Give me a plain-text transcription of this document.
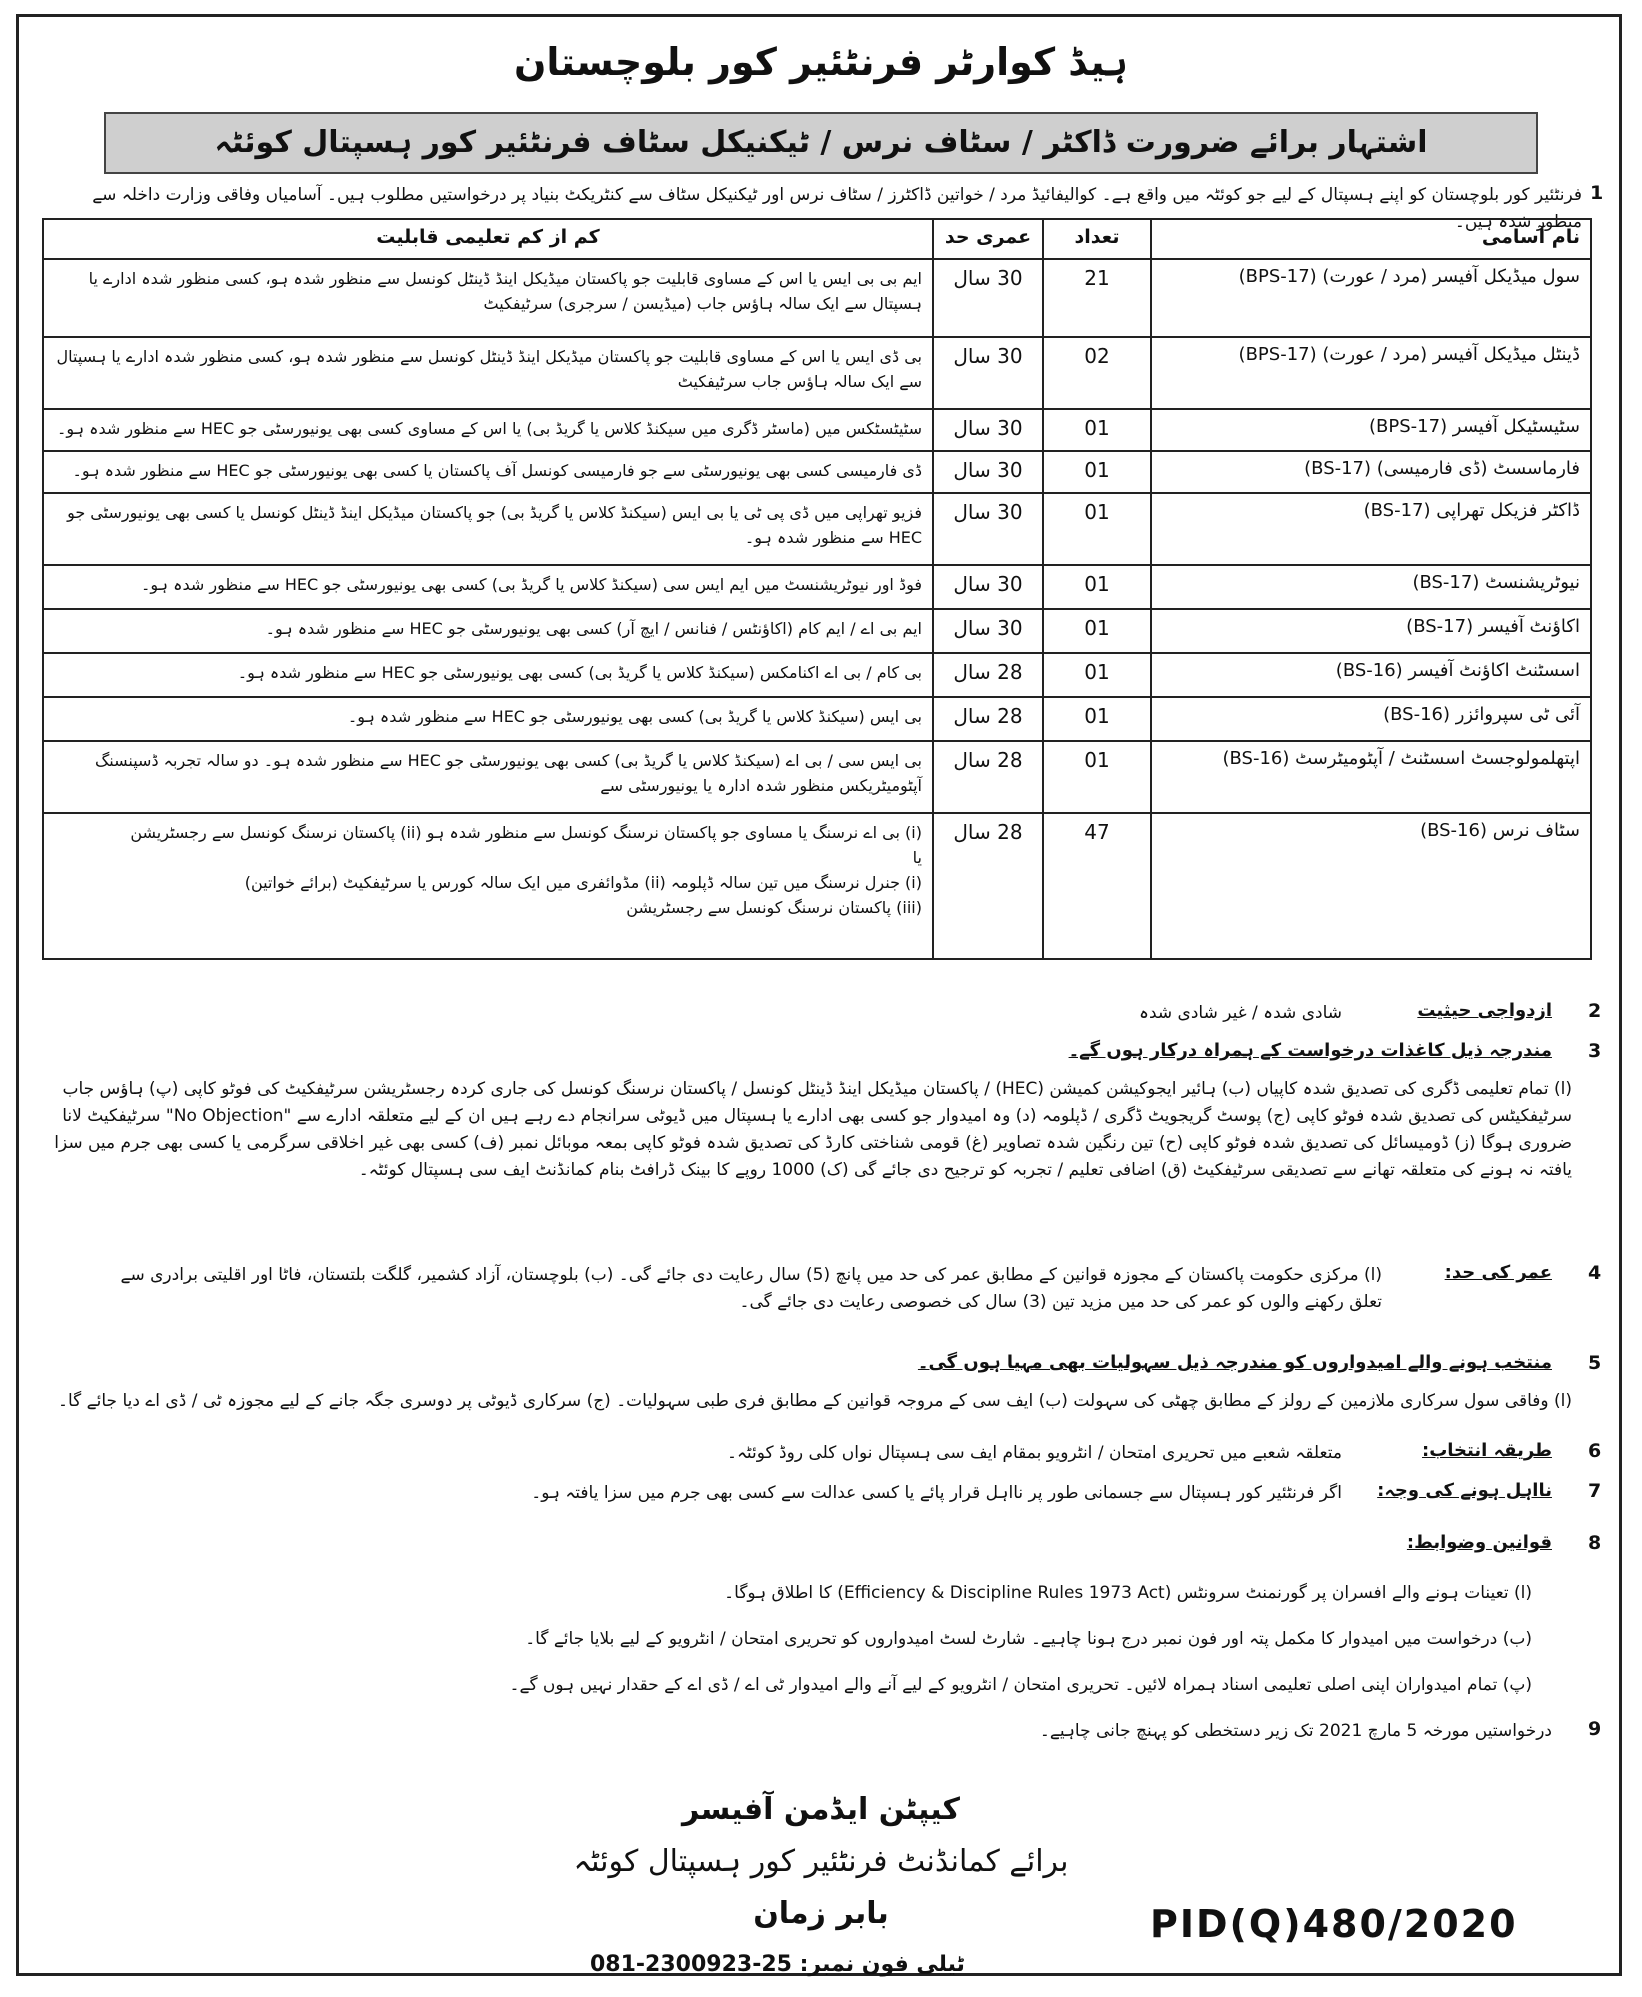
ہیڈ کوارٹر فرنٹئیر کور بلوچستان
اشتہار برائے ضرورت ڈاکٹر / سٹاف نرس / ٹیکنیکل سٹاف فرنٹئیر کور ہسپتال کوئٹہ
1
فرنٹئیر کور بلوچستان کو اپنے ہسپتال کے لیے جو کوئٹہ میں واقع ہے۔ کوالیفائیڈ مرد / خواتین ڈاکٹرز / سٹاف نرس اور ٹیکنیکل سٹاف سے کنٹریکٹ بنیاد پر درخواستیں مطلوب ہیں۔ آسامیاں وفاقی وزارت داخلہ سے منظور شدہ ہیں۔
نام آسامی	تعداد	عمری حد	کم از کم تعلیمی قابلیت
سول میڈیکل آفیسر (مرد / عورت) (BPS-17)	21	30 سال	ایم بی بی ایس یا اس کے مساوی قابلیت جو پاکستان میڈیکل اینڈ ڈینٹل کونسل سے منظور شدہ ہو، کسی منظور شدہ ادارے یا ہسپتال سے ایک سالہ ہاؤس جاب (میڈیسن / سرجری) سرٹیفکیٹ
ڈینٹل میڈیکل آفیسر (مرد / عورت) (BPS-17)	02	30 سال	بی ڈی ایس یا اس کے مساوی قابلیت جو پاکستان میڈیکل اینڈ ڈینٹل کونسل سے منظور شدہ ہو، کسی منظور شدہ ادارے یا ہسپتال سے ایک سالہ ہاؤس جاب سرٹیفکیٹ
سٹیسٹیکل آفیسر (BPS-17)	01	30 سال	سٹیٹسٹکس میں (ماسٹر ڈگری میں سیکنڈ کلاس یا گریڈ بی) یا اس کے مساوی کسی بھی یونیورسٹی جو HEC سے منظور شدہ ہو۔
فارماسسٹ (ڈی فارمیسی) (BS-17)	01	30 سال	ڈی فارمیسی کسی بھی یونیورسٹی سے جو فارمیسی کونسل آف پاکستان یا کسی بھی یونیورسٹی جو HEC سے منظور شدہ ہو۔
ڈاکٹر فزیکل تھراپی (BS-17)	01	30 سال	فزیو تھراپی میں ڈی پی ٹی یا بی ایس (سیکنڈ کلاس یا گریڈ بی) جو پاکستان میڈیکل اینڈ ڈینٹل کونسل یا کسی بھی یونیورسٹی جو HEC سے منظور شدہ ہو۔
نیوٹریشنسٹ (BS-17)	01	30 سال	فوڈ اور نیوٹریشنسٹ میں ایم ایس سی (سیکنڈ کلاس یا گریڈ بی) کسی بھی یونیورسٹی جو HEC سے منظور شدہ ہو۔
اکاؤنٹ آفیسر (BS-17)	01	30 سال	ایم بی اے / ایم کام (اکاؤنٹس / فنانس / ایچ آر) کسی بھی یونیورسٹی جو HEC سے منظور شدہ ہو۔
اسسٹنٹ اکاؤنٹ آفیسر (BS-16)	01	28 سال	بی کام / بی اے اکنامکس (سیکنڈ کلاس یا گریڈ بی) کسی بھی یونیورسٹی جو HEC سے منظور شدہ ہو۔
آئی ٹی سپروائزر (BS-16)	01	28 سال	بی ایس (سیکنڈ کلاس یا گریڈ بی) کسی بھی یونیورسٹی جو HEC سے منظور شدہ ہو۔
اپتھلمولوجسٹ اسسٹنٹ / آپٹومیٹرسٹ (BS-16)	01	28 سال	بی ایس سی / بی اے (سیکنڈ کلاس یا گریڈ بی) کسی بھی یونیورسٹی جو HEC سے منظور شدہ ہو۔ دو سالہ تجربہ ڈسپنسنگ آپٹومیٹریکس منظور شدہ ادارہ یا یونیورسٹی سے
سٹاف نرس (BS-16)	47	28 سال	(i) بی اے نرسنگ یا مساوی جو پاکستان نرسنگ کونسل سے منظور شدہ ہو (ii) پاکستان نرسنگ کونسل سے رجسٹریشن
یا
(i) جنرل نرسنگ میں تین سالہ ڈپلومہ (ii) مڈوائفری میں ایک سالہ کورس یا سرٹیفکیٹ (برائے خواتین)
(iii) پاکستان نرسنگ کونسل سے رجسٹریشن
2
ازدواجی حیثیت
شادی شدہ / غیر شادی شدہ
3
مندرجہ ذیل کاغذات درخواست کے ہمراہ درکار ہوں گے۔
(ا) تمام تعلیمی ڈگری کی تصدیق شدہ کاپیاں (ب) ہائیر ایجوکیشن کمیشن (HEC) / پاکستان میڈیکل اینڈ ڈینٹل کونسل / پاکستان نرسنگ کونسل کی جاری کردہ رجسٹریشن سرٹیفکیٹ کی فوٹو کاپی (پ) ہاؤس جاب سرٹیفکیٹس کی تصدیق شدہ فوٹو کاپی (ج) پوسٹ گریجویٹ ڈگری / ڈپلومہ (د) وہ امیدوار جو کسی بھی ادارے یا ہسپتال میں ڈیوٹی سرانجام دے رہے ہیں ان کے لیے متعلقہ ادارے سے "No Objection" سرٹیفکیٹ لانا ضروری ہوگا (ز) ڈومیسائل کی تصدیق شدہ فوٹو کاپی (ح) تین رنگین شدہ تصاویر (غ) قومی شناختی کارڈ کی تصدیق شدہ فوٹو کاپی بمعہ موبائل نمبر (ف) کسی بھی غیر اخلاقی سرگرمی یا کسی بھی جرم میں سزا یافتہ نہ ہونے کی متعلقہ تھانے سے تصدیقی سرٹیفکیٹ (ق) اضافی تعلیم / تجربہ کو ترجیح دی جائے گی (ک) 1000 روپے کا بینک ڈرافٹ بنام کمانڈنٹ ایف سی ہسپتال کوئٹہ۔
4
عمر کی حد:
(ا) مرکزی حکومت پاکستان کے مجوزہ قوانین کے مطابق عمر کی حد میں پانچ (5) سال رعایت دی جائے گی۔ (ب) بلوچستان، آزاد کشمیر، گلگت بلتستان، فاٹا اور اقلیتی برادری سے تعلق رکھنے والوں کو عمر کی حد میں مزید تین (3) سال کی خصوصی رعایت دی جائے گی۔
5
منتخب ہونے والے امیدواروں کو مندرجہ ذیل سہولیات بھی مہیا ہوں گی۔
(ا) وفاقی سول سرکاری ملازمین کے رولز کے مطابق چھٹی کی سہولت (ب) ایف سی کے مروجہ قوانین کے مطابق فری طبی سہولیات۔ (ج) سرکاری ڈیوٹی پر دوسری جگہ جانے کے لیے مجوزہ ٹی / ڈی اے دیا جائے گا۔
6
طریقہ انتخاب:
متعلقہ شعبے میں تحریری امتحان / انٹرویو بمقام ایف سی ہسپتال نواں کلی روڈ کوئٹہ۔
7
نااہل ہونے کی وجہ:
اگر فرنٹئیر کور ہسپتال سے جسمانی طور پر نااہل قرار پائے یا کسی عدالت سے کسی بھی جرم میں سزا یافتہ ہو۔
8
قوانین وضوابط:
(ا) تعینات ہونے والے افسران پر گورنمنٹ سرونٹس (Efficiency & Discipline Rules 1973 Act) کا اطلاق ہوگا۔
(ب) درخواست میں امیدوار کا مکمل پتہ اور فون نمبر درج ہونا چاہیے۔ شارٹ لسٹ امیدواروں کو تحریری امتحان / انٹرویو کے لیے بلایا جائے گا۔
(پ) تمام امیدواران اپنی اصلی تعلیمی اسناد ہمراہ لائیں۔ تحریری امتحان / انٹرویو کے لیے آنے والے امیدوار ٹی اے / ڈی اے کے حقدار نہیں ہوں گے۔
9
درخواستیں مورخہ 5 مارچ 2021 تک زیر دستخطی کو پہنچ جانی چاہیے۔
کیپٹن ایڈمن آفیسر
برائے کمانڈنٹ فرنٹئیر کور ہسپتال کوئٹہ
بابر زمان
081-2300923-25 ٹیلی فون نمبر:
PID(Q)480/2020
